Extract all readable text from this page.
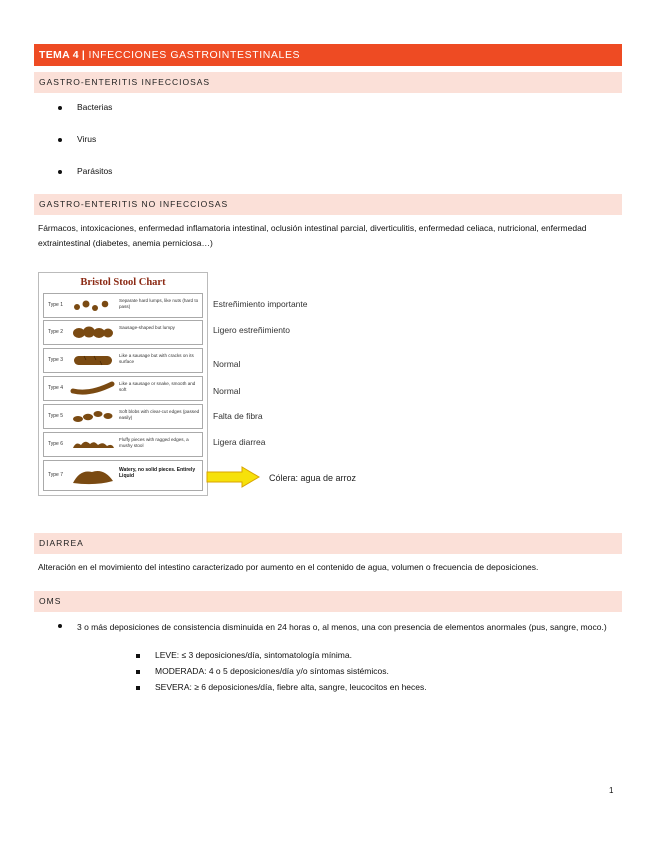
TEMA 4 | INFECCIONES GASTROINTESTINALES
GASTRO-ENTERITIS INFECCIOSAS
Bacterias
Virus
Parásitos
GASTRO-ENTERITIS NO INFECCIOSAS
Fármacos, intoxicaciones, enfermedad inflamatoria intestinal, oclusión intestinal parcial, diverticulitis, enfermedad celiaca, nutricional, enfermedad extraintestinal (diabetes, anemia perniciosa…)
Bristol Stool Chart
Type 1
Separate hard lumps, like nuts (hard to pass)
Type 2
Sausage-shaped but lumpy
Type 3
Like a sausage but with cracks on its surface
Type 4
Like a sausage or snake, smooth and soft
Type 5
Soft blobs with clear-cut edges (passed easily)
Type 6
Fluffy pieces with ragged edges, a mushy stool
Type 7
Watery, no solid pieces. Entirely Liquid
Estreñimiento importante
Ligero estreñimiento
Normal
Normal
Falta de fibra
Ligera diarrea
Cólera: agua de arroz
DIARREA
Alteración en el movimiento del intestino caracterizado por aumento en el contenido de agua, volumen o frecuencia de deposiciones.
OMS
3 o más deposiciones de consistencia disminuida en 24 horas o, al menos, una con presencia de elementos anormales (pus, sangre, moco.)
LEVE: ≤ 3 deposiciones/día, sintomatología mínima.
MODERADA: 4 o 5 deposiciones/día y/o síntomas sistémicos.
SEVERA: ≥ 6 deposiciones/día, fiebre alta, sangre, leucocitos en heces.
1
